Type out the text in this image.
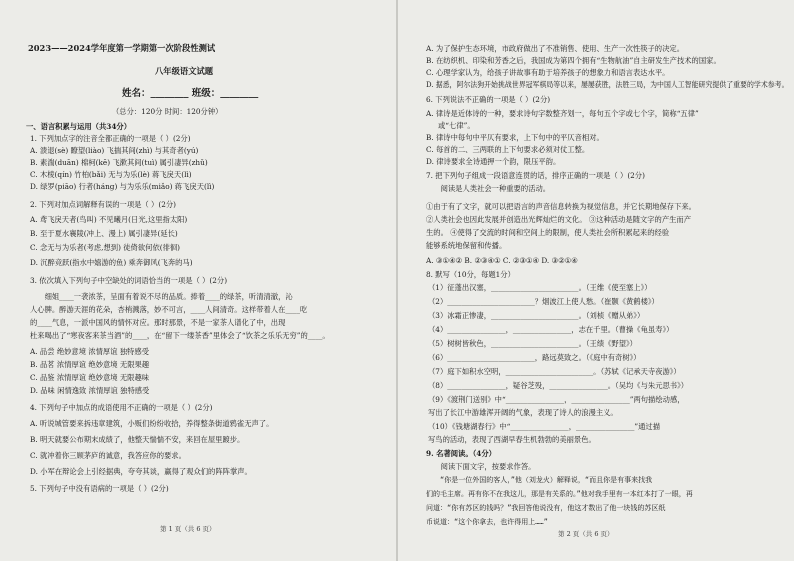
2023——2024学年度第一学期第一次阶段性测试
八年级语文试题
姓名：________ 班级：________
（总分：120分 时间：120分钟）
一、语言积累与运用（共34分）
1. 下列加点字的注音全都正确的一项是（ ）(2分)
A. 溃退(sè) 瞭望(liào) 飞揣其间(zhì) 与其奇者(yú)
B. 素湍(duān) 棉柯(kē) 飞漱其间(tuì) 属引凄异(zhǔ)
C. 木棱(qín) 竹柏(bǎi) 无与为乐(lè) 蒋飞戾天(lì)
D. 绿罗(piāo) 行者(háng) 与为乐乐(miǎo) 蒋飞戾天(lì)
2. 下列对加点词解释有误的一项是（ ）(2分)
A. 鸢飞戾天者(鸟叫) 不见曦月(日光,这里指太阳)
B. 至于夏水襄陵(冲上、漫上) 属引凄异(延长)
C. 念无与为乐者(考虑,想到) 徒倚欲何依(徘徊)
D. 沉醉竞跃(指水中嬉游的鱼) 乘奔御风(飞奔的马)
3. 依次填入下列句子中空缺处的词语恰当的一项是（ ）(2分)
　　细姐____一袭浓茶，呈面有着说不尽的品质。捧着____的绿茶，听清清澈，沁
人心脾。醉游天涯的花朵，杏梢溅落，妙不可言，____人间清奇。这样带着人在____吃
的____气息，一派中国风的情怀对应。那时那景，不是一家茶人谱化了中，出现
杜来喝出了“寒夜客来茶当酒”的____，在“留下一缕茶香”里体会了“饮茶之乐乐无穷”的____。
A. 品尝 绝妙意境 浓情厚谊 独特感受
B. 品茗 浓情厚谊 绝妙意境 无限果趣
C. 品鉴 浓情厚谊 绝妙意境 无限趣味
D. 品味 闲情逸致 浓情厚谊 独特感受
4. 下列句子中加点的成语使用不正确的一项是（ ）(2分)
A. 听说城管要来拆违章建筑，小贩们纷纷收拾，养得整条街道鸦雀无声了。
B. 明天就要公布期末成绩了，他整天惴惴不安，来回在屋里踱步。
C. 就冲着你三顾茅庐的诚意，我答应你的要求。
D. 小军在辩论会上引经据典，夸夸其谈，赢得了观众们的阵阵掌声。
5. 下列句子中没有语病的一项是（ ）(2分)
第 1 页（共 6 页）
A. 为了保护生态环境，市政府做出了不准销售、使用、生产一次性筷子的决定。
B. 在纺织机、印染和芳香之后，我国成为第四个拥有“生物航油”自主研发生产技术的国家。
C. 心理学家认为，给孩子讲故事有助于培养孩子的想象力和语言表达水平。
D. 据悉，阿尔法狗开始挑战世界冠军棋局等以来，屡屡获胜，法胜三局，为中国人工智能研究提供了重要的学术参考。
6. 下列说法不正确的一项是（ ）(2分)
A. 律诗是近体诗的一种，要求诗句字数整齐划一，每句五个字或七个字，简称“五律”
或“七律”。
B. 律诗中每句中平仄有要求，上下句中的平仄音相对。
C. 每首的二、三两联的上下句要求必须对仗工整。
D. 律诗要求全诗通押一个韵，限压平韵。
7. 把下列句子组成一段语意连贯的话，排序正确的一项是（ ）(2分)
　　阅读是人类社会一种重要的活动。
①由于有了文字，就可以把语言的声音信息转换为视觉信息，并它长期地保存下来。
②人类社会也因此发展并创造出光辉灿烂的文化。 ③这种活动是随文字的产生而产
生的。 ④使得了交流的时间和空间上的限制，使人类社会所积累起来的经验
能够系统地保留和传播。
A. ③①④② B. ②③④① C. ②③①④ D. ③②①④
8. 默写（10分，每题1分）
（1）征蓬出汉塞，________________________。（王维《使至塞上》）
（2）________________________？烟波江上使人愁。（崔颢《黄鹤楼》）
（3）冰霜正惨凄，________________________。（刘桢《赠从弟》）
（4）________________，________________，志在千里。（曹操《龟虽寿》）
（5）树树皆秋色，________________________。（王绩《野望》）
（6）________________________，路远莫致之。（《庭中有奇树》）
（7）庭下如积水空明，________________________。（苏轼《记承天寺夜游》）
（8）________________，疑谷芝殁，________________。（吴均《与朱元思书》）
（9）《渡荆门送别》中“________________，________________”两句描绘动感，
写出了长江中游雄浑开阔的气象，表现了诗人的浪漫主义。
（10）《钱塘湖春行》中“________________，________________”通过描
写鸟的活动，表现了西湖早春生机勃勃的美丽景色。
9. 名著阅读。（4分）
　　阅读下面文字，按要求作答。
　　“你是一位外国的客人，”他（刘龙火）解释说，“而且你是有事来找我
们的毛主席。再有你不在我这儿，那是有关系的。”他对我手里有一本红本打了一眼，再
问道：“你有苏区的钱吗？”我回答他说没有，他这才数出了他一块钱的苏区纸
币说道：“这个你拿去，也许得用上……”
第 2 页（共 6 页）
